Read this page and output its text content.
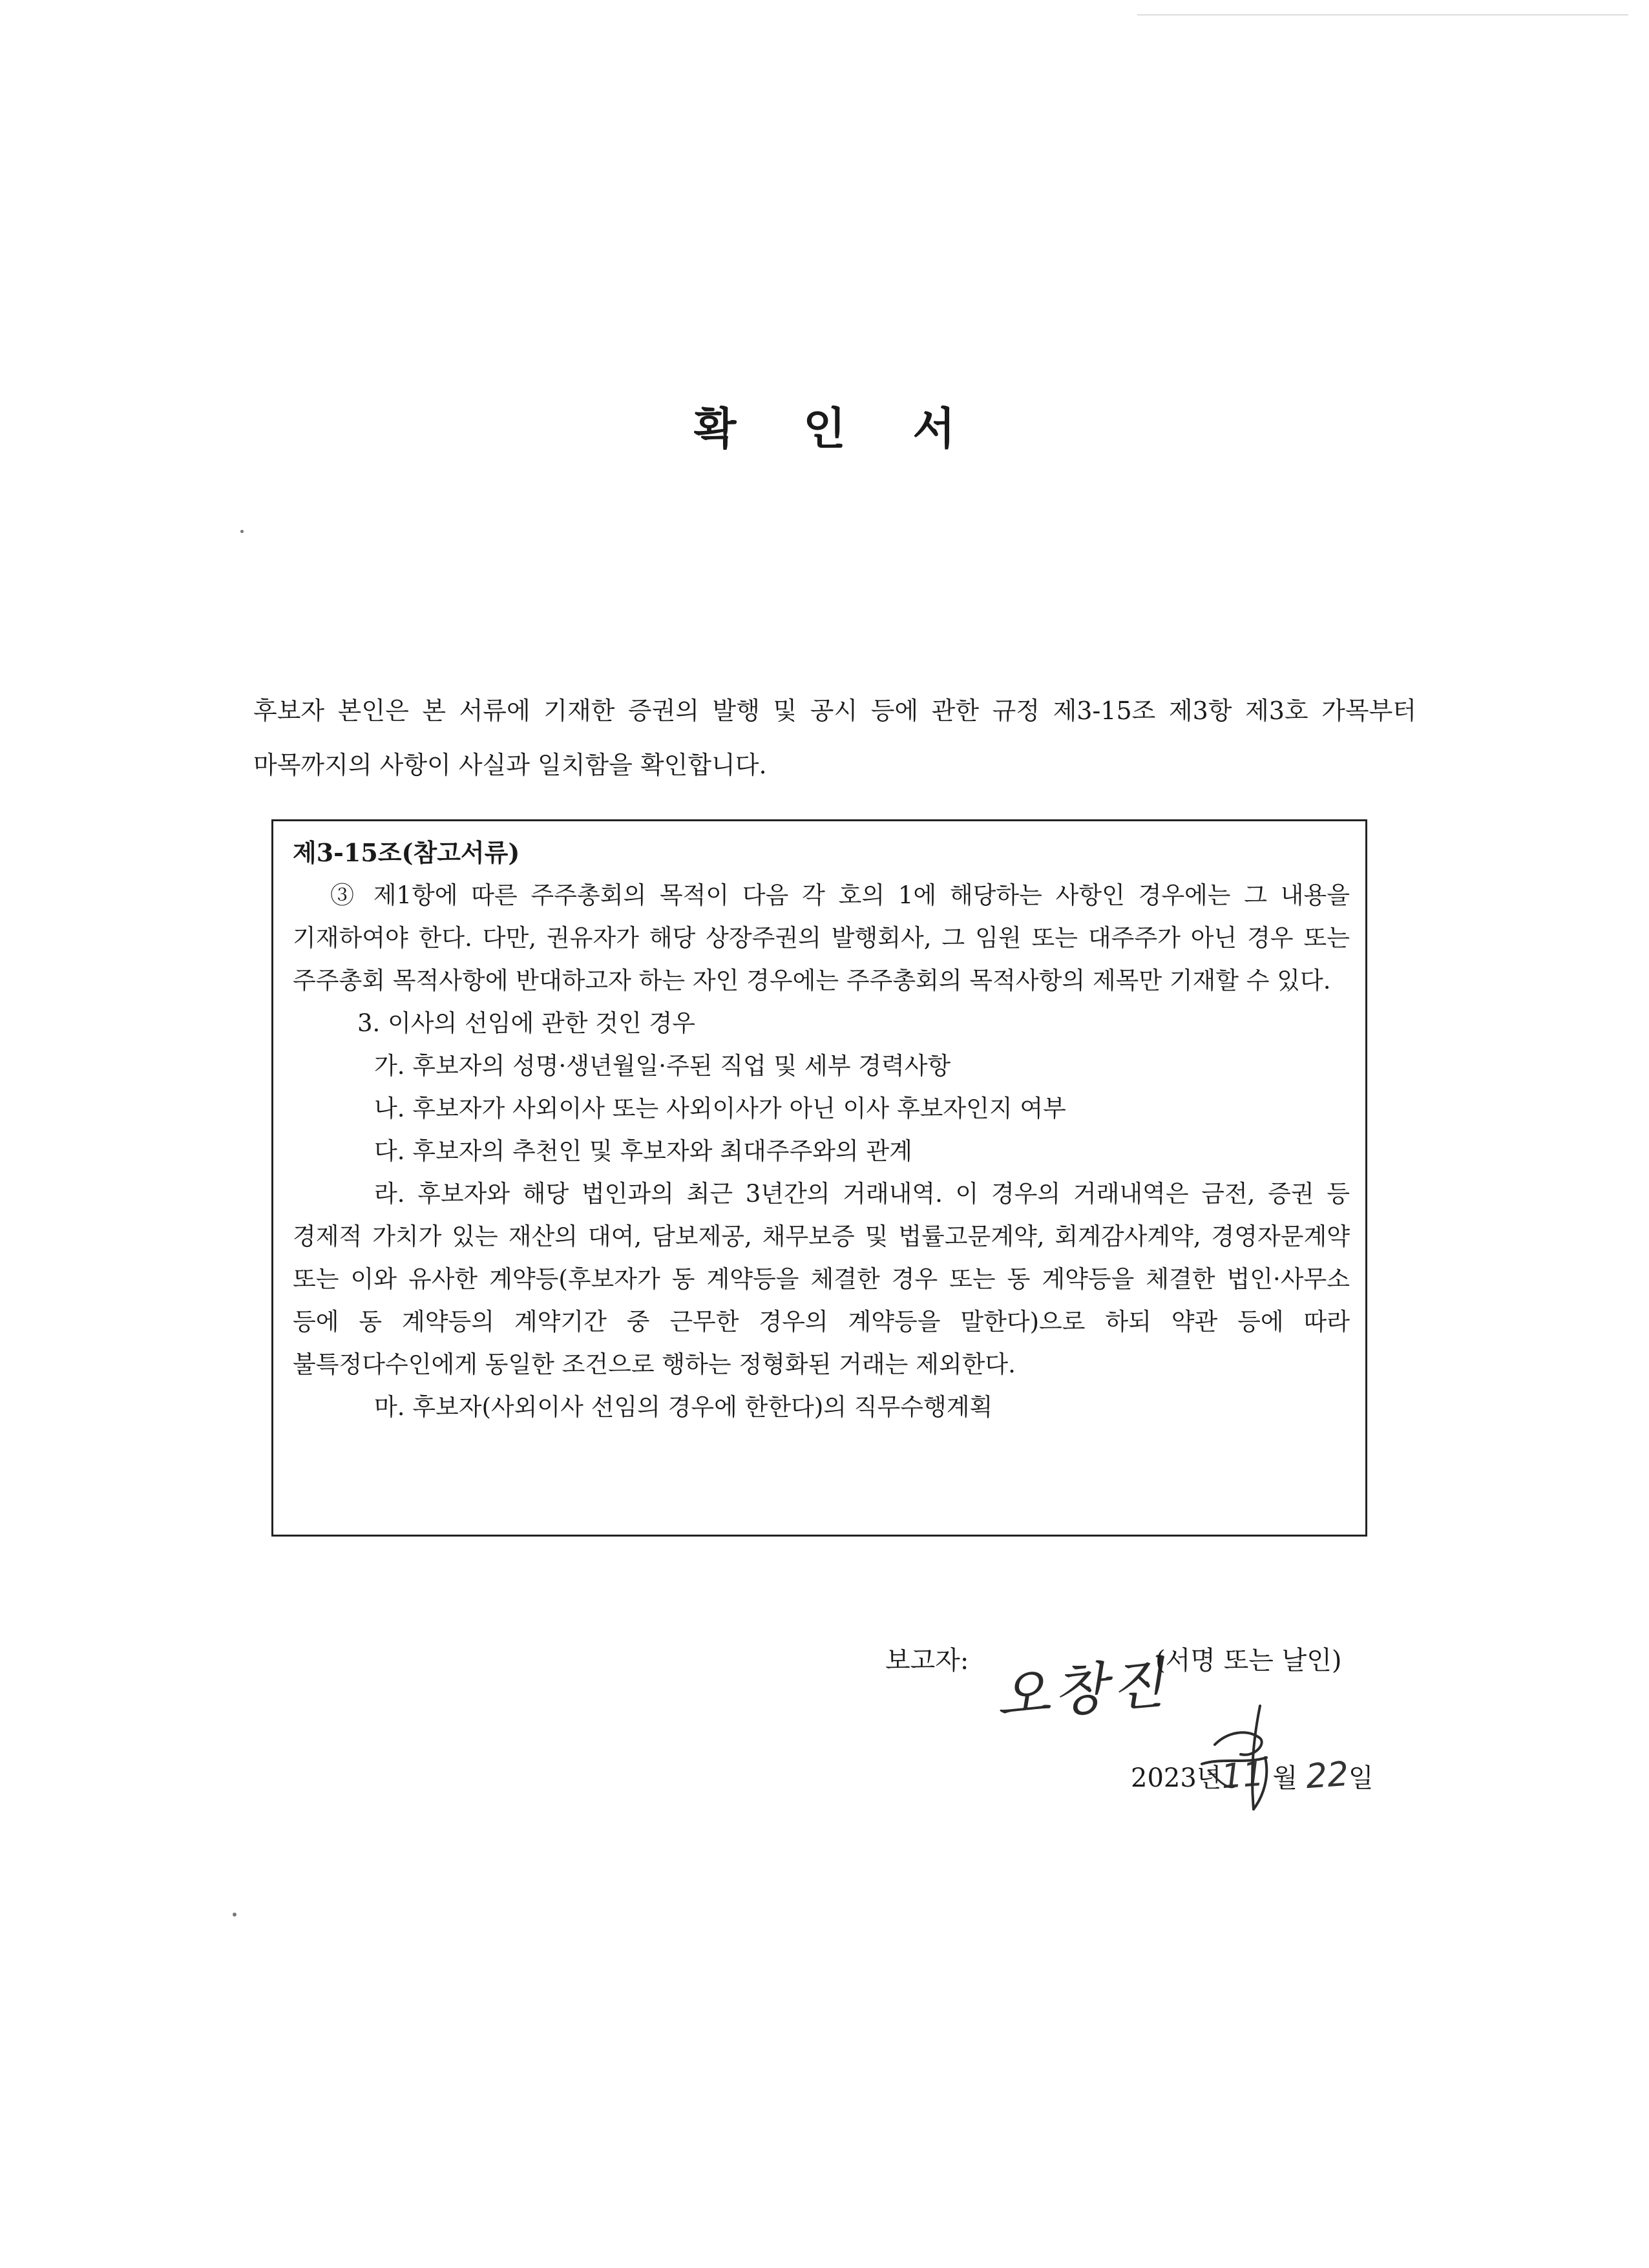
확 인 서
후보자 본인은 본 서류에 기재한 증권의 발행 및 공시 등에 관한 규정 제3-15조 제3항 제3호 가목부터 마목까지의 사항이 사실과 일치함을 확인합니다.
제3-15조(참고서류)

③ 제1항에 따른 주주총회의 목적이 다음 각 호의 1에 해당하는 사항인 경우에는 그 내용을 기재하여야 한다. 다만, 권유자가 해당 상장주권의 발행회사, 그 임원 또는 대주주가 아닌 경우 또는 주주총회 목적사항에 반대하고자 하는 자인 경우에는 주주총회의 목적사항의 제목만 기재할 수 있다.

3. 이사의 선임에 관한 것인 경우

가. 후보자의 성명·생년월일·주된 직업 및 세부 경력사항

나. 후보자가 사외이사 또는 사외이사가 아닌 이사 후보자인지 여부

다. 후보자의 추천인 및 후보자와 최대주주와의 관계

라. 후보자와 해당 법인과의 최근 3년간의 거래내역. 이 경우의 거래내역은 금전, 증권 등 경제적 가치가 있는 재산의 대여, 담보제공, 채무보증 및 법률고문계약, 회계감사계약, 경영자문계약 또는 이와 유사한 계약등(후보자가 동 계약등을 체결한 경우 또는 동 계약등을 체결한 법인·사무소 등에 동 계약등의 계약기간 중 근무한 경우의 계약등을 말한다)으로 하되 약관 등에 따라 불특정다수인에게 동일한 조건으로 행하는 정형화된 거래는 제외한다.

마. 후보자(사외이사 선임의 경우에 한한다)의 직무수행계획

2023년11 월 22일
보고자: 오창진
(서명 또는 날인)
